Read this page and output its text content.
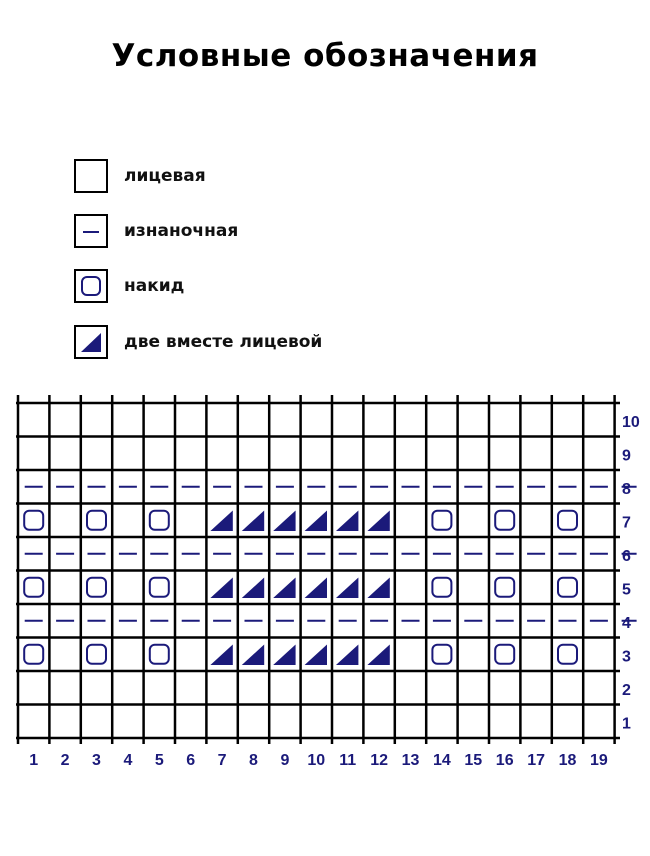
Условные обозначения
лицевая
изнаночная
накид
две вместе лицевой
10
9
8
7
6
5
4
3
2
1
1 2 3 4 5 6 7 8 9 10 11 12 13 14 15 16 17 18 19
